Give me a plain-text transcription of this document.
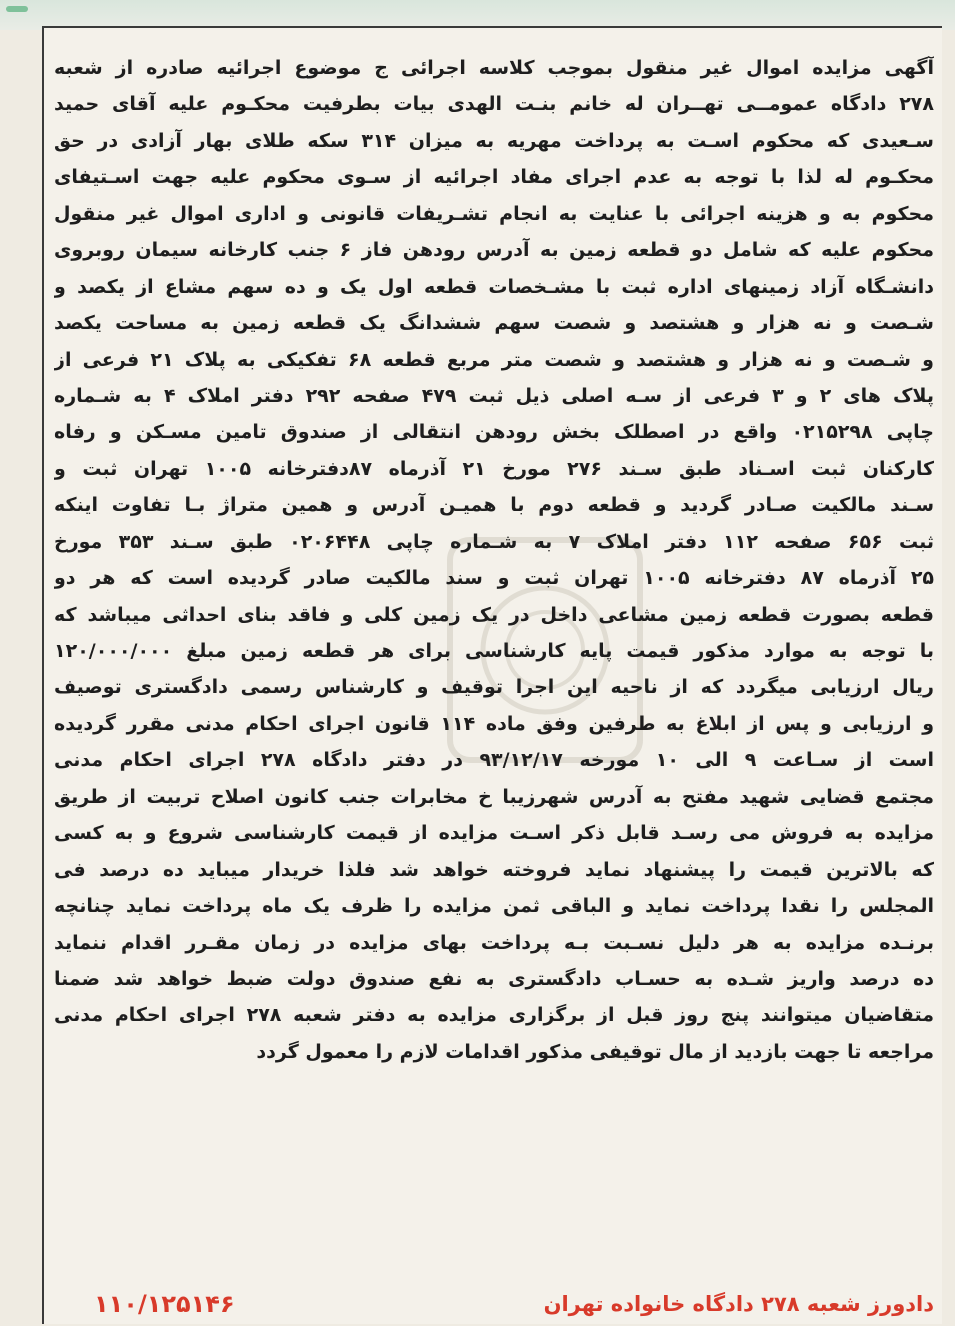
آگهی مزایده اموال غیر منقول بموجب کلاسه اجرائی ج موضوع اجرائیه صادره از شعبه
۲۷۸ دادگاه عمومــی تهــران له خانم بنـت الهدی بیات بطرفیت محکـوم علیه آقای حمید
سـعیدی که محکوم اسـت به پرداخت مهریه به میزان ۳۱۴ سکه طلای بهار آزادی در حق
محکـوم له لذا با توجه به عدم اجرای مفاد اجرائیه از سـوی محکوم علیه جهت اسـتیفای
محکوم به و هزینه اجرائی با عنایت به انجام تشـریفات قانونی و اداری اموال غیر منقول
محکوم علیه که شامل دو قطعه زمین به آدرس رودهن فاز ۶ جنب کارخانه سیمان روبروی
دانشـگاه آزاد زمینهای اداره ثبت با مشـخصات قطعه اول یک و ده سهم مشاع از یکصد و
شـصت و نه هزار و هشتصد و شصت سهم ششدانگ یک قطعه زمین به مساحت یکصد
و شـصت و نه هزار و هشتصد و شصت متر مربع قطعه ۶۸ تفکیکی به پلاک ۲۱ فرعی از
پلاک های ۲ و ۳ فرعی از سـه اصلی ذیل ثبت ۴۷۹ صفحه ۲۹۲ دفتر املاک ۴ به شـماره
چاپی ۰۲۱۵۲۹۸ واقع در اصطلک بخش رودهن انتقالی از صندوق تامین مسـکن و رفاه
کارکنان ثبت اسـناد طبق سـند ۲۷۶ مورخ ۲۱ آذرماه ۸۷دفترخانه ۱۰۰۵ تهران ثبت و
سـند مالکیت صـادر گردید و قطعه دوم با همیـن آدرس و همین متراژ بـا تفاوت اینکه
ثبت ۶۵۶ صفحه ۱۱۲ دفتر املاک ۷ به شـماره چاپی ۰۲۰۶۴۴۸ طبق سـند ۳۵۳ مورخ
۲۵ آذرماه ۸۷ دفترخانه ۱۰۰۵ تهران ثبت و سند مالکیت صادر گردیده است که هر دو
قطعه بصورت قطعه زمین مشاعی داخل در یک زمین کلی و فاقد بنای احداثی میباشد که
با توجه به موارد مذکور قیمت پایه کارشناسی برای هر قطعه زمین مبلغ ۱۲۰/۰۰۰/۰۰۰
ریال ارزیابی میگردد که از ناحیه این اجرا توقیف و کارشناس رسمی دادگستری توصیف
و ارزیابی و پس از ابلاغ به طرفین وفق ماده ۱۱۴ قانون اجرای احکام مدنی مقرر گردیده
است از سـاعت ۹ الی ۱۰ مورخه ۹۳/۱۲/۱۷ در دفتر دادگاه ۲۷۸ اجرای احکام مدنی
مجتمع قضایی شهید مفتح به آدرس شهرزیبا خ مخابرات جنب کانون اصلاح تربیت از طریق
مزایده به فروش می رسـد قابل ذکر اسـت مزایده از قیمت کارشناسی شروع و به کسی
که بالاترین قیمت را پیشنهاد نماید فروخته خواهد شد فلذا خریدار میباید ده درصد فی
المجلس را نقدا پرداخت نماید و الباقی ثمن مزایده را ظرف یک ماه پرداخت نماید چنانچه
برنـده مزایده به هر دلیل نسـبت بـه پرداخت بهای مزایده در زمان مقـرر اقدام ننماید
ده درصد واریز شـده به حسـاب دادگستری به نفع صندوق دولت ضبط خواهد شد ضمنا
متقاضیان میتوانند پنج روز قبل از برگزاری مزایده به دفتر شعبه ۲۷۸ اجرای احکام مدنی
مراجعه تا جهت بازدید از مال توقیفی مذکور اقدامات لازم را معمول گردد
دادورز شعبه ۲۷۸ دادگاه خانواده تهران
۱۱۰/۱۲۵۱۴۶
